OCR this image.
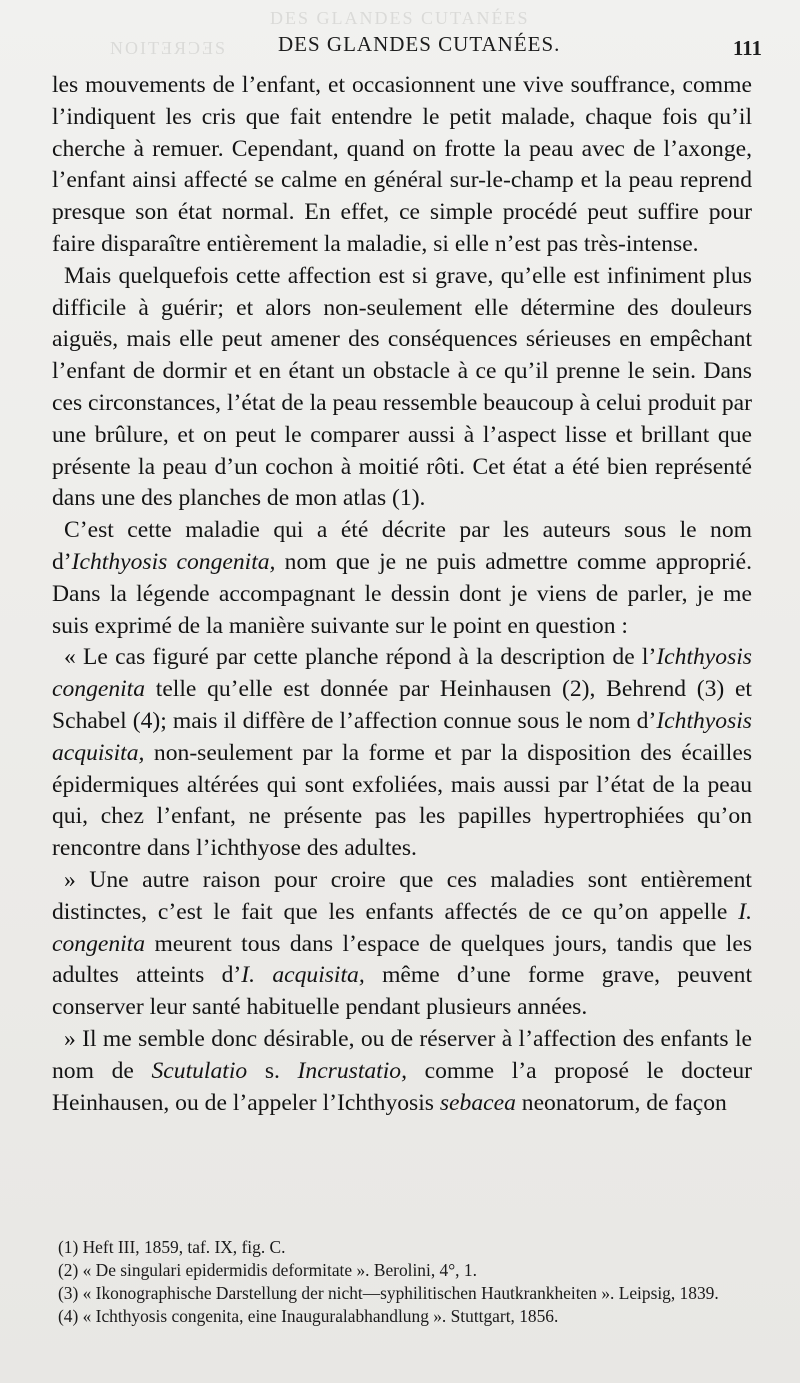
DES GLANDES CUTANÉES
NOITƎЯƆƎS DES GLANDES CUTANÉES.	111

les mouvements de l’enfant, et occasionnent une vive souffrance, comme l’indiquent les cris que fait entendre le petit malade, chaque fois qu’il cherche à remuer. Cependant, quand on frotte la peau avec de l’axonge, l’enfant ainsi affecté se calme en général sur-le-champ et la peau reprend presque son état normal. En effet, ce simple procédé peut suffire pour faire disparaître entièrement la maladie, si elle n’est pas très-intense.

Mais quelquefois cette affection est si grave, qu’elle est infiniment plus difficile à guérir; et alors non-seulement elle détermine des douleurs aiguës, mais elle peut amener des conséquences sérieuses en empêchant l’enfant de dormir et en étant un obstacle à ce qu’il prenne le sein. Dans ces circonstances, l’état de la peau ressemble beaucoup à celui produit par une brûlure, et on peut le comparer aussi à l’aspect lisse et brillant que présente la peau d’un cochon à moitié rôti. Cet état a été bien représenté dans une des planches de mon atlas (1).

C’est cette maladie qui a été décrite par les auteurs sous le nom d’Ichthyosis congenita, nom que je ne puis admettre comme approprié. Dans la légende accompagnant le dessin dont je viens de parler, je me suis exprimé de la manière suivante sur le point en question :

« Le cas figuré par cette planche répond à la description de l’Ichthyosis congenita telle qu’elle est donnée par Heinhausen (2), Behrend (3) et Schabel (4); mais il diffère de l’affection connue sous le nom d’Ichthyosis acquisita, non-seulement par la forme et par la disposition des écailles épidermiques altérées qui sont exfoliées, mais aussi par l’état de la peau qui, chez l’enfant, ne présente pas les papilles hypertrophiées qu’on rencontre dans l’ichthyose des adultes.

» Une autre raison pour croire que ces maladies sont entièrement distinctes, c’est le fait que les enfants affectés de ce qu’on appelle I. congenita meurent tous dans l’espace de quelques jours, tandis que les adultes atteints d’I. acquisita, même d’une forme grave, peuvent conserver leur santé habituelle pendant plusieurs années.

» Il me semble donc désirable, ou de réserver à l’affection des enfants le nom de Scutulatio s. Incrustatio, comme l’a proposé le docteur Heinhausen, ou de l’appeler l’Ichthyosis sebacea neonatorum, de façon

(1) Heft III, 1859, taf. IX, fig. C.

(2) « De singulari epidermidis deformitate ». Berolini, 4°, 1.

(3) « Ikonographische Darstellung der nicht—syphilitischen Hautkrankheiten ». Leipsig, 1839.

(4) « Ichthyosis congenita, eine Inauguralabhandlung ». Stuttgart, 1856.
